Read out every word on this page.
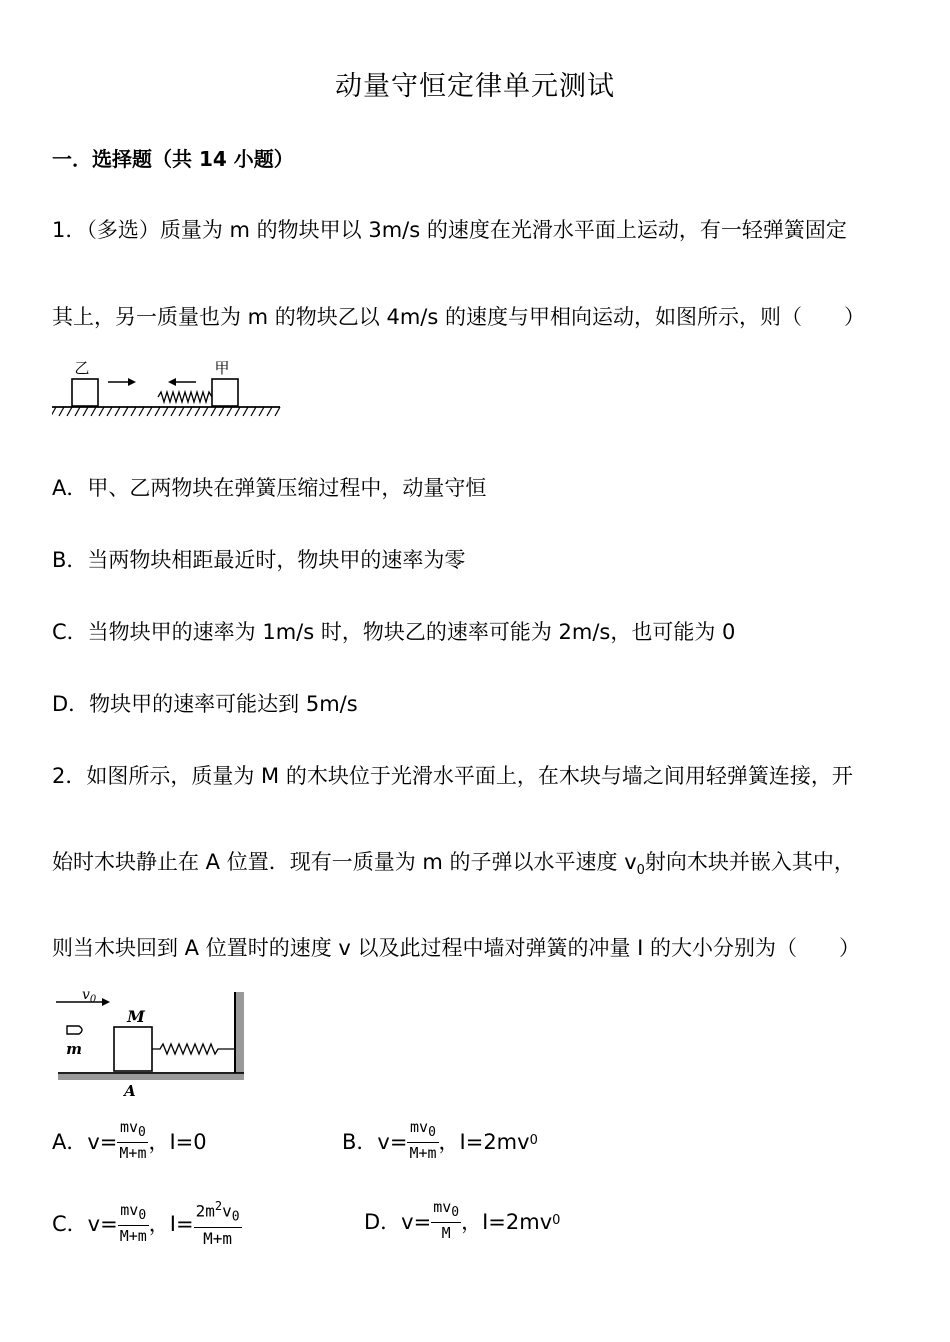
动量守恒定律单元测试
一．选择题（共 14 小题）
1．（多选）质量为 m 的物块甲以 3m/s 的速度在光滑水平面上运动，有一轻弹簧固定
其上，另一质量也为 m 的物块乙以 4m/s 的速度与甲相向运动，如图所示，则（　　）
乙	甲
A．甲、乙两物块在弹簧压缩过程中，动量守恒
B．当两物块相距最近时，物块甲的速率为零
C．当物块甲的速率为 1m/s 时，物块乙的速率可能为 2m/s，也可能为 0
D．物块甲的速率可能达到 5m/s
2．如图所示，质量为 M 的木块位于光滑水平面上，在木块与墙之间用轻弹簧连接，开
始时木块静止在 A 位置．现有一质量为 m 的子弹以水平速度 $v_0$射向木块并嵌入其中，
则当木块回到 A 位置时的速度 v 以及此过程中墙对弹簧的冲量 I 的大小分别为（　　）
$v_0$
M
m
A
A．$v= \frac{mv_0}{M+m}$ ，I=0	B．$v= \frac{mv_0}{M+m}$ ，I=2mv 0
C．$v= \frac{mv_0}{M+m}$ ，$I= \frac{2m^2v_0}{M+m}$	D．$v= \frac{mv_0}{M}$ ，I=2mv 0
